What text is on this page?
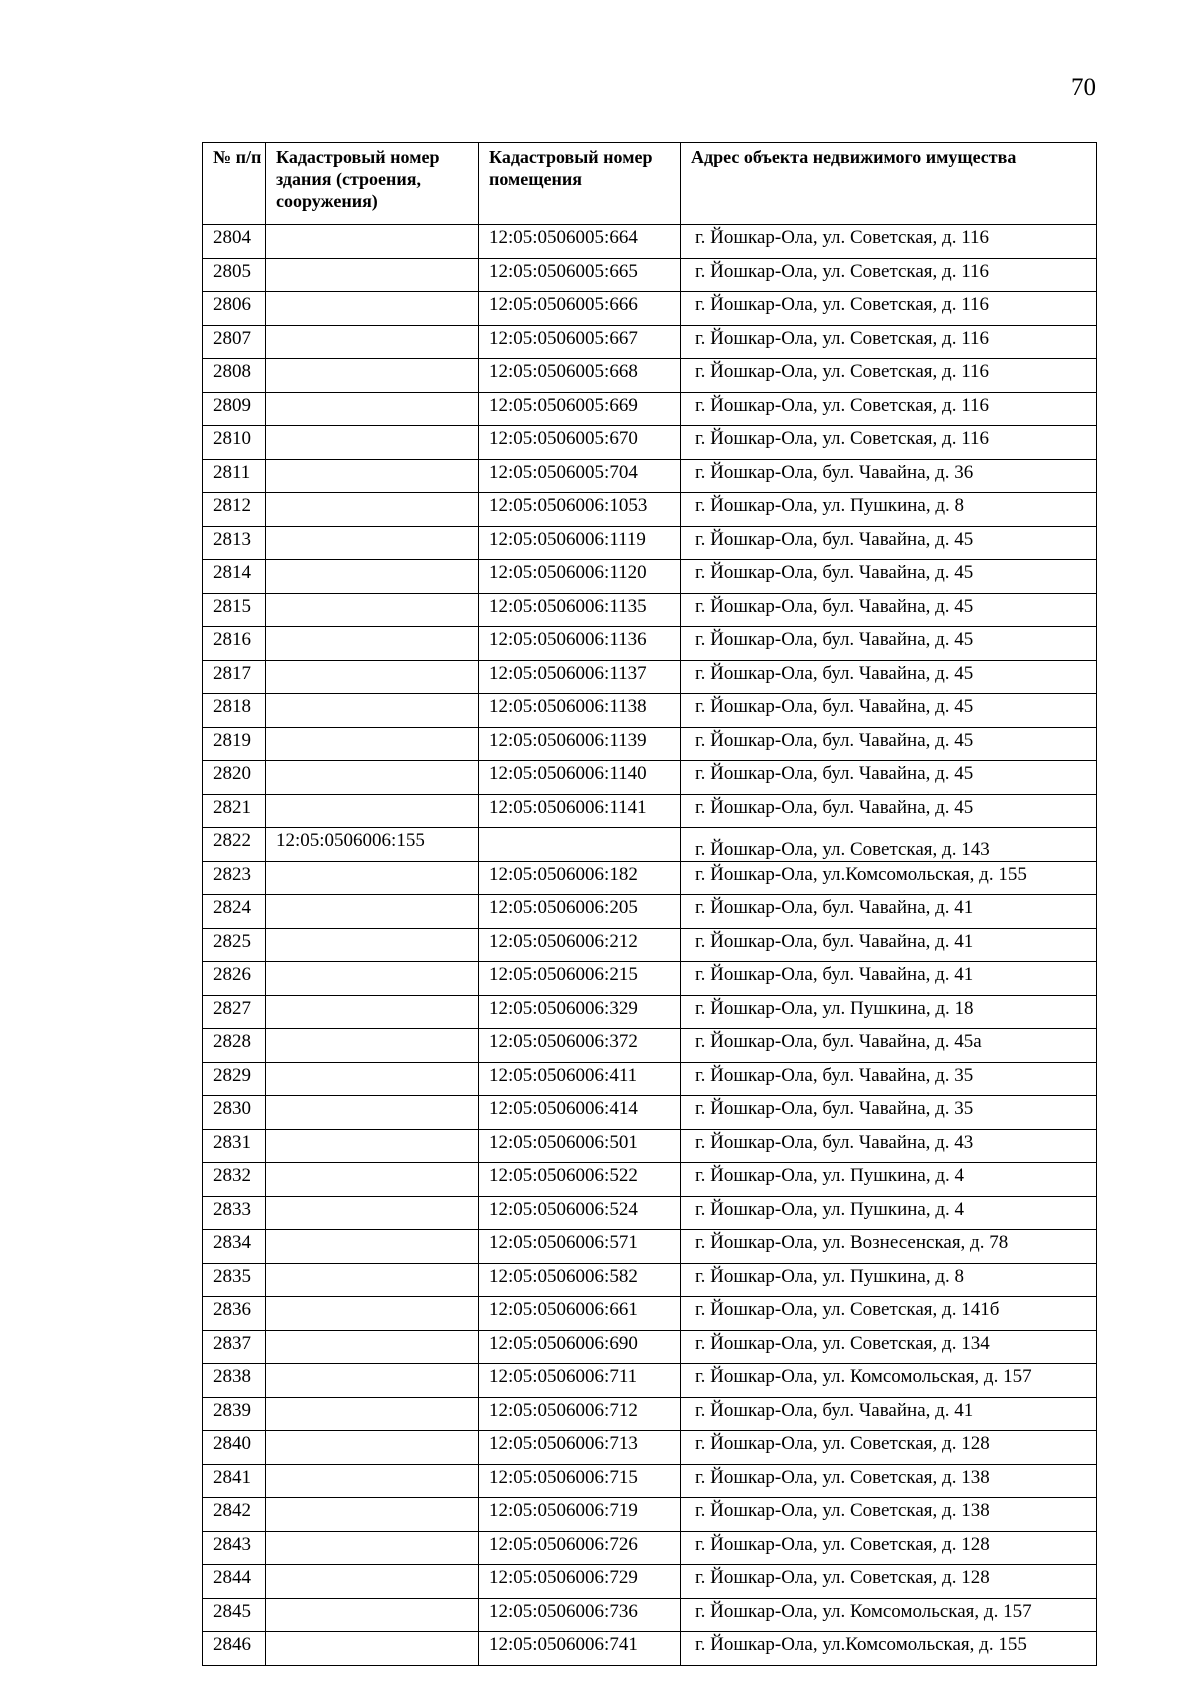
70
№ п/п	Кадастровый номер здания (строения, сооружения)	Кадастровый номер помещения	Адрес объекта недвижимого имущества
2804		12:05:0506005:664	г. Йошкар-Ола, ул. Советская, д. 116
2805		12:05:0506005:665	г. Йошкар-Ола, ул. Советская, д. 116
2806		12:05:0506005:666	г. Йошкар-Ола, ул. Советская, д. 116
2807		12:05:0506005:667	г. Йошкар-Ола, ул. Советская, д. 116
2808		12:05:0506005:668	г. Йошкар-Ола, ул. Советская, д. 116
2809		12:05:0506005:669	г. Йошкар-Ола, ул. Советская, д. 116
2810		12:05:0506005:670	г. Йошкар-Ола, ул. Советская, д. 116
2811		12:05:0506005:704	г. Йошкар-Ола, бул. Чавайна, д. 36
2812		12:05:0506006:1053	г. Йошкар-Ола, ул. Пушкина, д. 8
2813		12:05:0506006:1119	г. Йошкар-Ола, бул. Чавайна, д. 45
2814		12:05:0506006:1120	г. Йошкар-Ола, бул. Чавайна, д. 45
2815		12:05:0506006:1135	г. Йошкар-Ола, бул. Чавайна, д. 45
2816		12:05:0506006:1136	г. Йошкар-Ола, бул. Чавайна, д. 45
2817		12:05:0506006:1137	г. Йошкар-Ола, бул. Чавайна, д. 45
2818		12:05:0506006:1138	г. Йошкар-Ола, бул. Чавайна, д. 45
2819		12:05:0506006:1139	г. Йошкар-Ола, бул. Чавайна, д. 45
2820		12:05:0506006:1140	г. Йошкар-Ола, бул. Чавайна, д. 45
2821		12:05:0506006:1141	г. Йошкар-Ола, бул. Чавайна, д. 45
2822	12:05:0506006:155		г. Йошкар-Ола, ул. Советская, д. 143
2823		12:05:0506006:182	г. Йошкар-Ола, ул.Комсомольская, д. 155
2824		12:05:0506006:205	г. Йошкар-Ола, бул. Чавайна, д. 41
2825		12:05:0506006:212	г. Йошкар-Ола, бул. Чавайна, д. 41
2826		12:05:0506006:215	г. Йошкар-Ола, бул. Чавайна, д. 41
2827		12:05:0506006:329	г. Йошкар-Ола, ул. Пушкина, д. 18
2828		12:05:0506006:372	г. Йошкар-Ола, бул. Чавайна, д. 45а
2829		12:05:0506006:411	г. Йошкар-Ола, бул. Чавайна, д. 35
2830		12:05:0506006:414	г. Йошкар-Ола, бул. Чавайна, д. 35
2831		12:05:0506006:501	г. Йошкар-Ола, бул. Чавайна, д. 43
2832		12:05:0506006:522	г. Йошкар-Ола, ул. Пушкина, д. 4
2833		12:05:0506006:524	г. Йошкар-Ола, ул. Пушкина, д. 4
2834		12:05:0506006:571	г. Йошкар-Ола, ул. Вознесенская, д. 78
2835		12:05:0506006:582	г. Йошкар-Ола, ул. Пушкина, д. 8
2836		12:05:0506006:661	г. Йошкар-Ола, ул. Советская, д. 141б
2837		12:05:0506006:690	г. Йошкар-Ола, ул. Советская, д. 134
2838		12:05:0506006:711	г. Йошкар-Ола, ул. Комсомольская, д. 157
2839		12:05:0506006:712	г. Йошкар-Ола, бул. Чавайна, д. 41
2840		12:05:0506006:713	г. Йошкар-Ола, ул. Советская, д. 128
2841		12:05:0506006:715	г. Йошкар-Ола, ул. Советская, д. 138
2842		12:05:0506006:719	г. Йошкар-Ола, ул. Советская, д. 138
2843		12:05:0506006:726	г. Йошкар-Ола, ул. Советская, д. 128
2844		12:05:0506006:729	г. Йошкар-Ола, ул. Советская, д. 128
2845		12:05:0506006:736	г. Йошкар-Ола, ул. Комсомольская, д. 157
2846		12:05:0506006:741	г. Йошкар-Ола, ул.Комсомольская, д. 155
